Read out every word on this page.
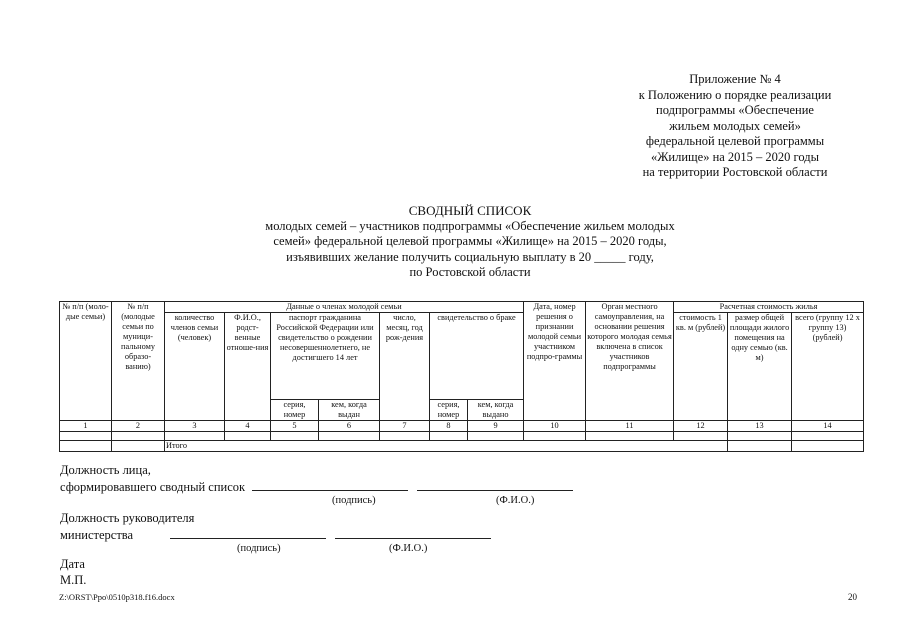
Приложение № 4
к Положению о порядке реализации
подпрограммы «Обеспечение
жильем молодых семей»
федеральной целевой программы
«Жилище» на 2015 – 2020 годы
на территории Ростовской области
СВОДНЫЙ СПИСОК
молодых семей – участников подпрограммы «Обеспечение жильем молодых
семей» федеральной целевой программы «Жилище» на 2015 – 2020 годы,
изъявивших желание получить социальную выплату в 20 _____ году,
по Ростовской области
№ п/п (моло-дые семьи)	№ п/п (молодые семьи по муници-пальному образо-ванию)	Данные о членах молодой семьи							Дата, номер решения о признании молодой семьи участником подпро-граммы	Орган местного самоуправления, на основании решения которого молодая семья включена в список участников подпрограммы	Расчетная стоимость жилья		
		количество членов семьи (человек)	Ф.И.О., родст-венные отноше-ния	паспорт гражданина Российской Федерации или свидетельство о рождении несовершеннолетнего, не достигшего 14 лет		число, месяц, год рож-дения	свидетельство о браке				стоимость 1 кв. м (рублей)	размер общей площади жилого помещения на одну семью (кв. м)	всего (группу 12 х группу 13) (рублей)
				серия, номер	кем, когда выдан		серия, номер	кем, когда выдано					
1	2	3	4	5	6	7	8	9	10	11	12	13	14

		Итого											
Должность лица,
сформировавшего сводный список
(подпись)	(Ф.И.О.)
Должность руководителя
министерства
(подпись)	(Ф.И.О.)
Дата
М.П.
Z:\ORST\Ppo\0510p318.f16.docx	20
